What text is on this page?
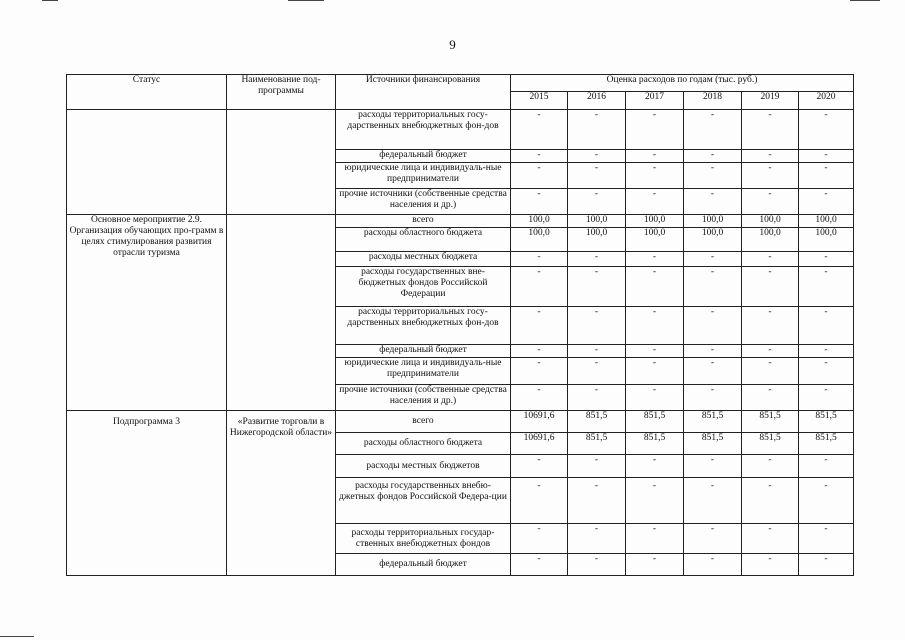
9
Статус	Наименование под-программы	Источники финансирования	Оценка расходов по годам (тыс. руб.)					
			2015	2016	2017	2018	2019	2020
		расходы территориальных госу-дарственных внебюджетных фон-дов	-	-	-	-	-	-
		федеральный бюджет	-	-	-	-	-	-
		юридические лица и индивидуаль-ные предприниматели	-	-	-	-	-	-
		прочие источники (собственные средства населения и др.)	-	-	-	-	-	-
Основное мероприятие 2.9. Организация обучающих про-грамм в целях стимулирования развития отрасли туризма		всего	100,0	100,0	100,0	100,0	100,0	100,0
		расходы областного бюджета	100,0	100,0	100,0	100,0	100,0	100,0
		расходы местных бюджета	-	-	-	-	-	-
		расходы государственных вне-бюджетных фондов Российской Федерации	-	-	-	-	-	-
		расходы территориальных госу-дарственных внебюджетных фон-дов	-	-	-	-	-	-
		федеральный бюджет	-	-	-	-	-	-
		юридические лица и индивидуаль-ные предприниматели	-	-	-	-	-	-
		прочие источники (собственные средства населения и др.)	-	-	-	-	-	-
Подпрограмма 3	«Развитие торговли в Нижегородской области»	всего	10691,6	851,5	851,5	851,5	851,5	851,5
		расходы областного бюджета	10691,6	851,5	851,5	851,5	851,5	851,5
		расходы местных бюджетов	-	-	-	-	-	-
		расходы государственных внебю-джетных фондов Российской Федера-ции	-	-	-	-	-	-
		расходы территориальных государ-ственных внебюджетных фондов	-	-	-	-	-	-
		федеральный бюджет	-	-	-	-	-	-
